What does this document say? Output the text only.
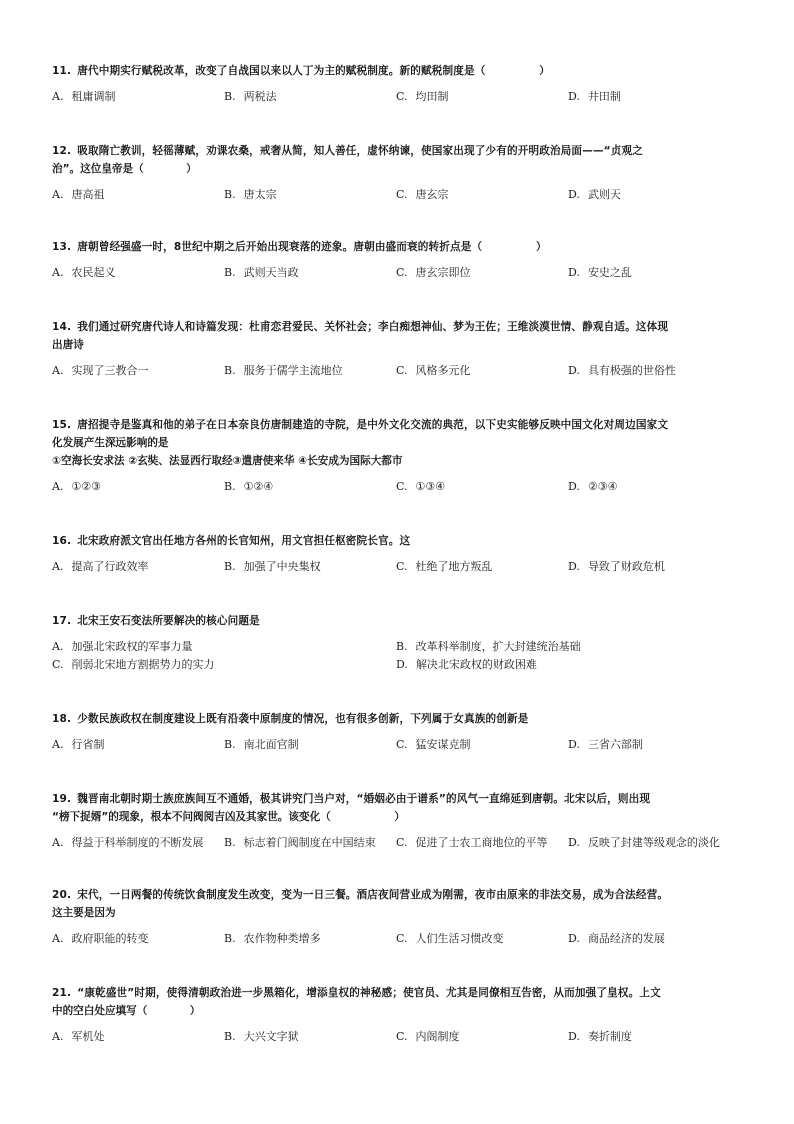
11. 唐代中期实行赋税改革，改变了自战国以来以人丁为主的赋税制度。新的赋税制度是（　　　　　）

A. 租庸调制	B. 两税法	C. 均田制	D. 井田制

12. 吸取隋亡教训，轻徭薄赋，劝课农桑，戒奢从简，知人善任，虚怀纳谏，使国家出现了少有的开明政治局面——“贞观之

治”。这位皇帝是（　　　　）

A. 唐高祖	B. 唐太宗	C. 唐玄宗	D. 武则天

13. 唐朝曾经强盛一时，8世纪中期之后开始出现衰落的迹象。唐朝由盛而衰的转折点是（　　　　　）

A. 农民起义	B. 武则天当政	C. 唐玄宗即位	D. 安史之乱

14. 我们通过研究唐代诗人和诗篇发现：杜甫恋君爱民、关怀社会；李白痴想神仙、梦为王佐；王维淡漠世情、静观自适。这体现

出唐诗

A. 实现了三教合一	B. 服务于儒学主流地位	C. 风格多元化	D. 具有极强的世俗性

15. 唐招提寺是鉴真和他的弟子在日本奈良仿唐制建造的寺院，是中外文化交流的典范，以下史实能够反映中国文化对周边国家文

化发展产生深远影响的是

①空海长安求法 ②玄奘、法显西行取经③遣唐使来华 ④长安成为国际大都市

A. ①②③	B. ①②④	C. ①③④	D. ②③④

16. 北宋政府派文官出任地方各州的长官知州，用文官担任枢密院长官。这

A. 提高了行政效率	B. 加强了中央集权	C. 杜绝了地方叛乱	D. 导致了财政危机

17. 北宋王安石变法所要解决的核心问题是

A. 加强北宋政权的军事力量	B. 改革科举制度，扩大封建统治基础
C. 削弱北宋地方割据势力的实力	D. 解决北宋政权的财政困难

18. 少数民族政权在制度建设上既有沿袭中原制度的情况，也有很多创新，下列属于女真族的创新是

A. 行省制	B. 南北面官制	C. 猛安谋克制	D. 三省六部制

19. 魏晋南北朝时期士族庶族间互不通婚，极其讲究门当户对，“婚姻必由于谱系”的风气一直绵延到唐朝。北宋以后，则出现

“榜下捉婿”的现象，根本不问阀阅吉凶及其家世。该变化（　　　　　　）

A. 得益于科举制度的不断发展 B. 标志着门阀制度在中国结束 C. 促进了士农工商地位的平等 D. 反映了封建等级观念的淡化

20. 宋代，一日两餐的传统饮食制度发生改变，变为一日三餐。酒店夜间营业成为刚需，夜市由原来的非法交易，成为合法经营。

这主要是因为

A. 政府职能的转变	B. 农作物种类增多	C. 人们生活习惯改变	D. 商品经济的发展

21. “康乾盛世”时期，使得清朝政治进一步黑箱化，增添皇权的神秘感；使官员、尤其是同僚相互告密，从而加强了皇权。上文

中的空白处应填写（　　　　）

A. 军机处	B. 大兴文字狱	C. 内阁制度	D. 奏折制度
